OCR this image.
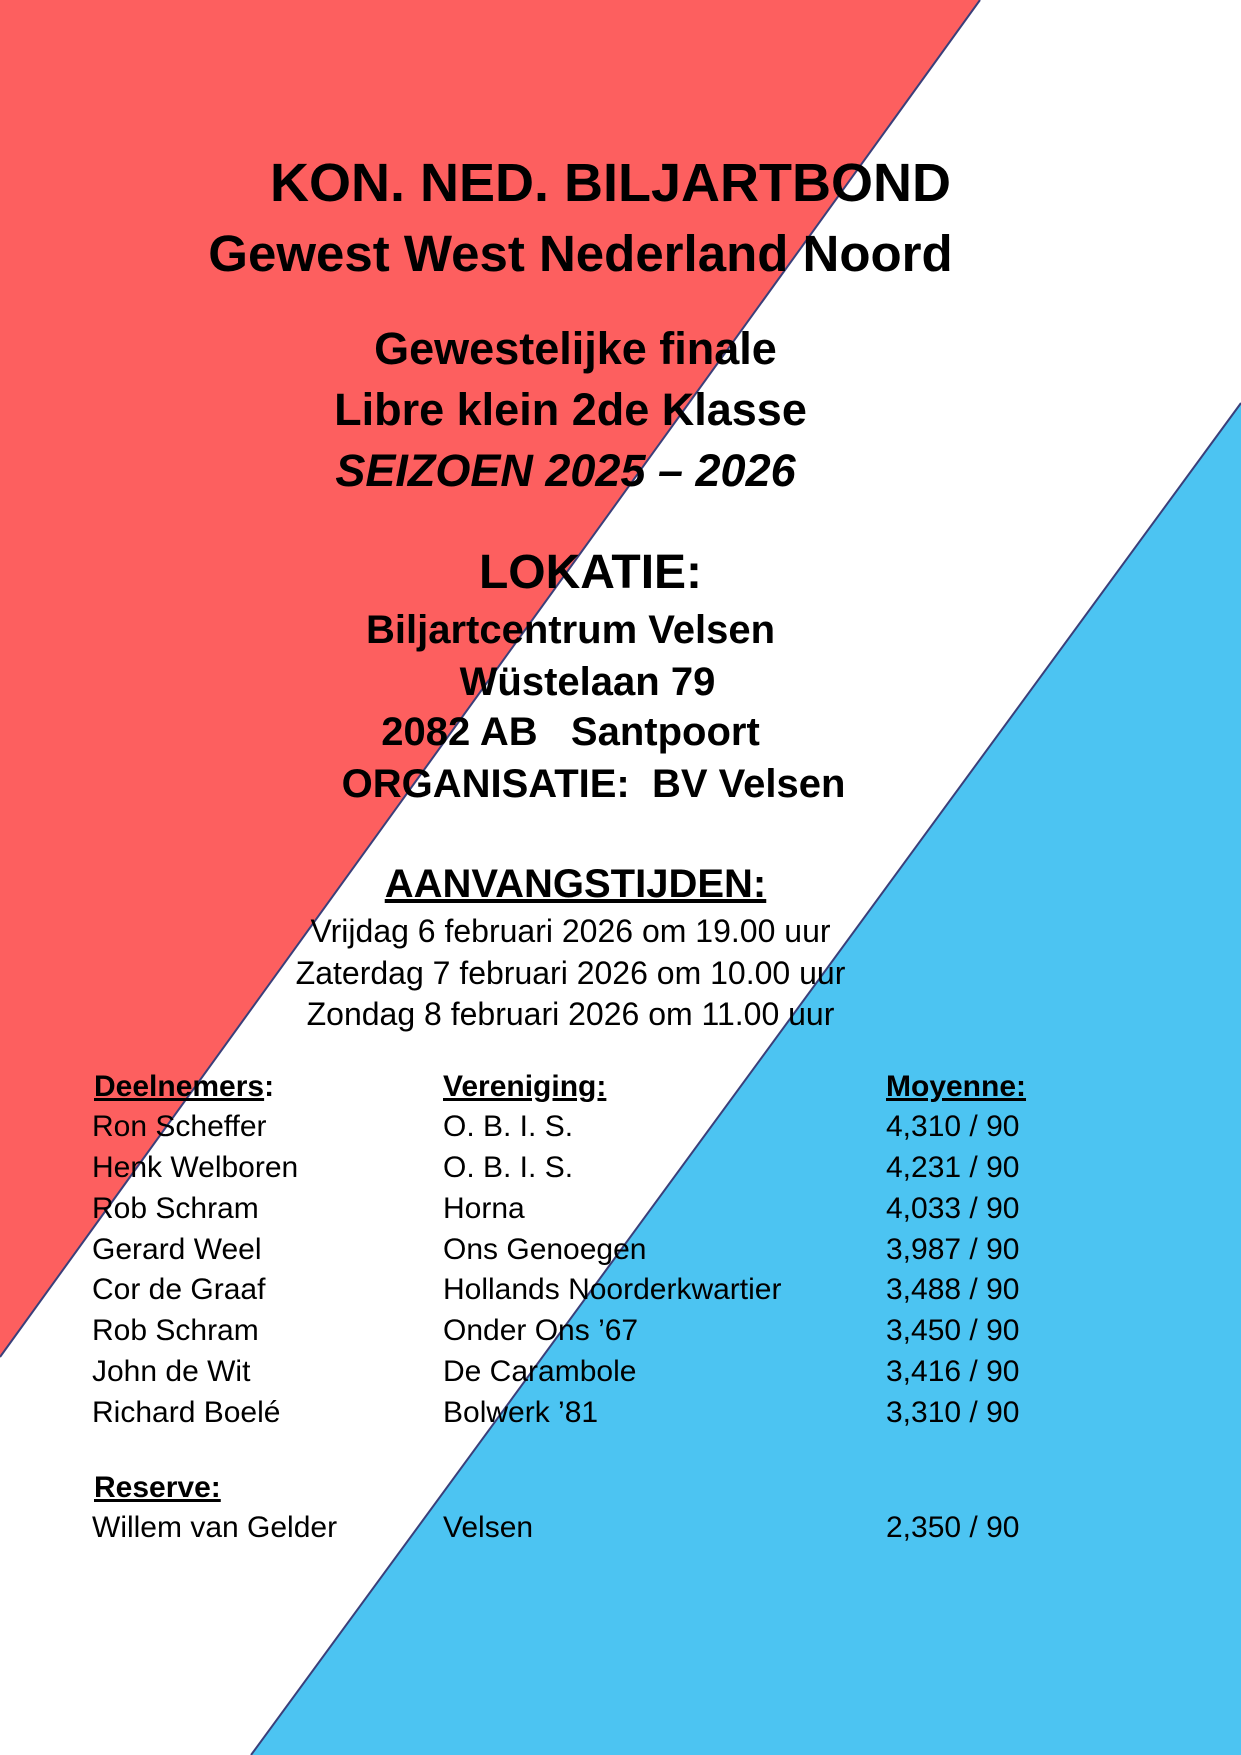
KON. NED. BILJARTBOND
Gewest West Nederland Noord
Gewestelijke finale
Libre klein 2de Klasse
SEIZOEN 2025 – 2026
LOKATIE:
Biljartcentrum Velsen
Wüstelaan 79
2082 AB   Santpoort
ORGANISATIE:  BV Velsen
AANVANGSTIJDEN:
Vrijdag 6 februari 2026 om 19.00 uur
Zaterdag 7 februari 2026 om 10.00 uur
Zondag 8 februari 2026 om 11.00 uur
Deelnemers:	Vereniging:	Moyenne:
Ron Scheffer	O. B. I. S.	4,310 / 90
Henk Welboren	O. B. I. S.	4,231 / 90
Rob Schram	Horna	4,033 / 90
Gerard Weel	Ons Genoegen	3,987 / 90
Cor de Graaf	Hollands Noorderkwartier	3,488 / 90
Rob Schram	Onder Ons ’67	3,450 / 90
John de Wit	De Carambole	3,416 / 90
Richard Boelé	Bolwerk ’81	3,310 / 90
Reserve:
Willem van Gelder	Velsen	2,350 / 90
